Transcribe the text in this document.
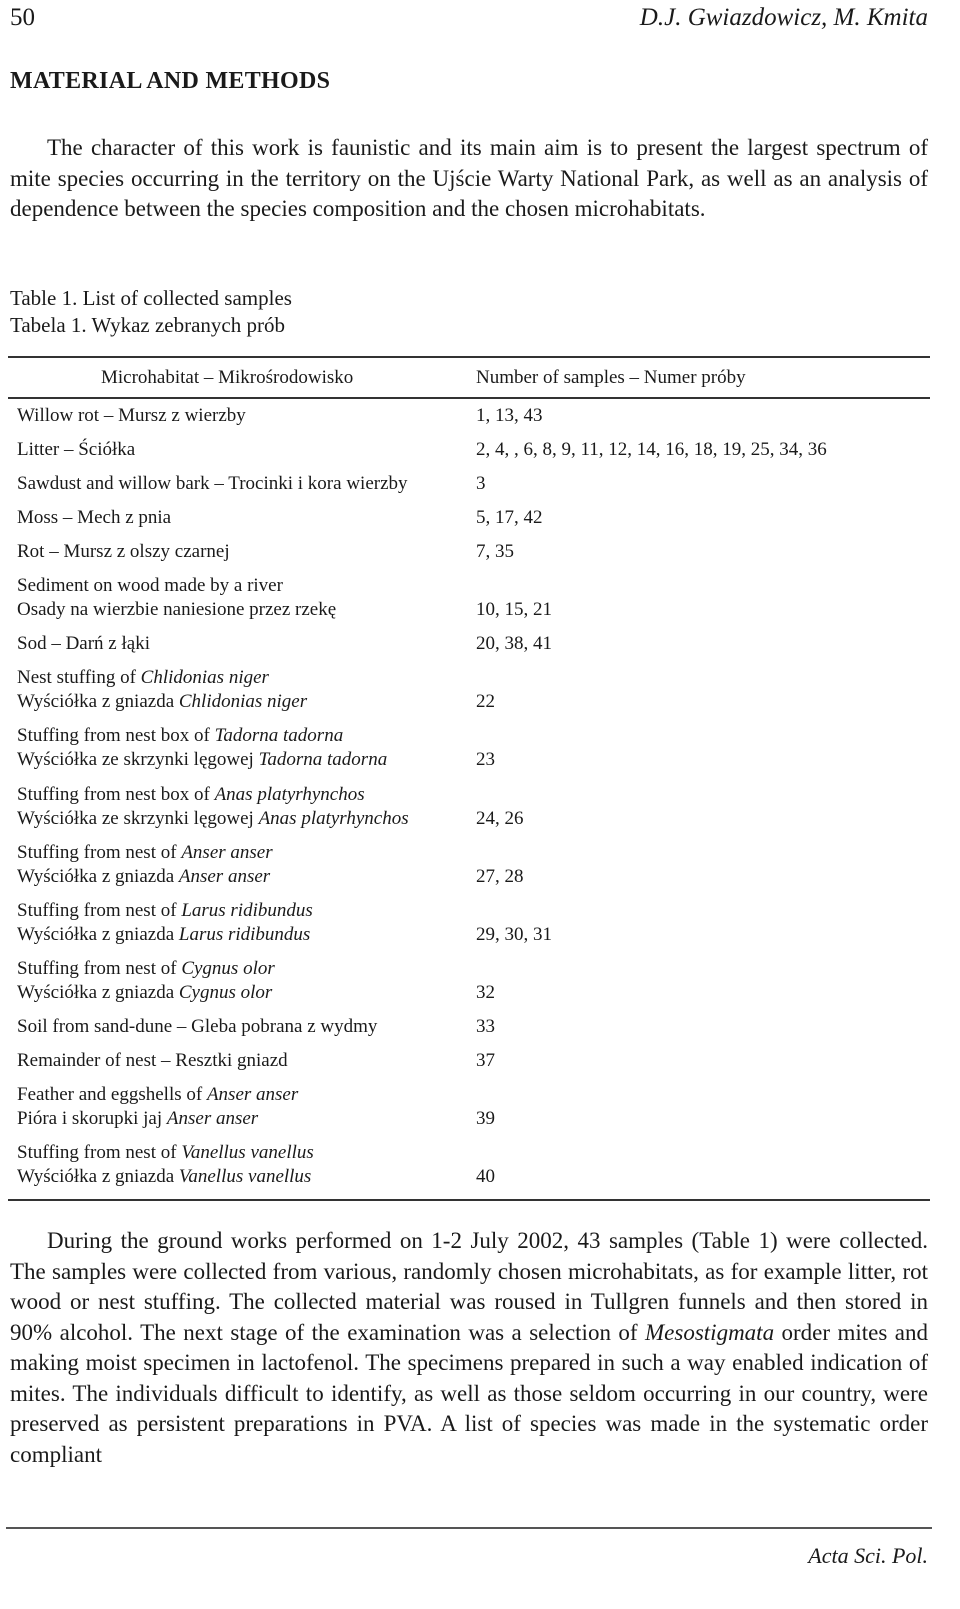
50	D.J. Gwiazdowicz, M. Kmita
MATERIAL AND METHODS

The character of this work is faunistic and its main aim is to present the largest spectrum of mite species occurring in the territory on the Ujście Warty National Park, as well as an analysis of dependence between the species composition and the chosen microhabitats.

Table 1. List of collected samples
Tabela 1. Wykaz zebranych prób
Microhabitat – Mikrośrodowisko	Number of samples – Numer próby
Willow rot – Mursz z wierzby	1, 13, 43
Litter – Ściółka	2, 4, , 6, 8, 9, 11, 12, 14, 16, 18, 19, 25, 34, 36
Sawdust and willow bark – Trocinki i kora wierzby	3
Moss – Mech z pnia	5, 17, 42
Rot – Mursz z olszy czarnej	7, 35
Sediment on wood made by a river
Osady na wierzbie naniesione przez rzekę	10, 15, 21
Sod – Darń z łąki	20, 38, 41
Nest stuffing of Chlidonias niger
Wyściółka z gniazda Chlidonias niger	22
Stuffing from nest box of Tadorna tadorna
Wyściółka ze skrzynki lęgowej Tadorna tadorna	23
Stuffing from nest box of Anas platyrhynchos
Wyściółka ze skrzynki lęgowej Anas platyrhynchos	24, 26
Stuffing from nest of Anser anser
Wyściółka z gniazda Anser anser	27, 28
Stuffing from nest of Larus ridibundus
Wyściółka z gniazda Larus ridibundus	29, 30, 31
Stuffing from nest of Cygnus olor
Wyściółka z gniazda Cygnus olor	32
Soil from sand-dune – Gleba pobrana z wydmy	33
Remainder of nest – Resztki gniazd	37
Feather and eggshells of Anser anser
Pióra i skorupki jaj Anser anser	39
Stuffing from nest of Vanellus vanellus
Wyściółka z gniazda Vanellus vanellus	40

During the ground works performed on 1-2 July 2002, 43 samples (Table 1) were collected. The samples were collected from various, randomly chosen microhabitats, as for example litter, rot wood or nest stuffing. The collected material was roused in Tullgren funnels and then stored in 90% alcohol. The next stage of the examination was a selection of Mesostigmata order mites and making moist specimen in lactofenol. The specimens prepared in such a way enabled indication of mites. The individuals difficult to identify, as well as those seldom occurring in our country, were preserved as persistent preparations in PVA. A list of species was made in the systematic order compliant

Acta Sci. Pol.
